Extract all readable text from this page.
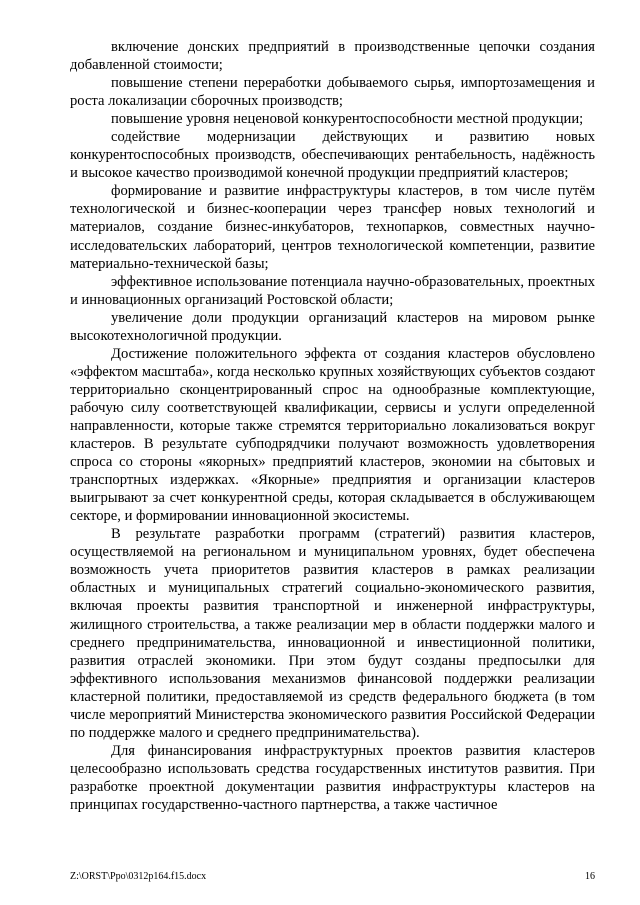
включение донских предприятий в производственные цепочки создания добавленной стоимости;

повышение степени переработки добываемого сырья, импортозамещения и роста локализации сборочных производств;

повышение уровня неценовой конкурентоспособности местной продукции;

содействие модернизации действующих и развитию новых конкурентоспособных производств, обеспечивающих рентабельность, надёжность и высокое качество производимой конечной продукции предприятий кластеров;

формирование и развитие инфраструктуры кластеров, в том числе путём технологической и бизнес-кооперации через трансфер новых технологий и материалов, создание бизнес-инкубаторов, технопарков, совместных научно-исследовательских лабораторий, центров технологической компетенции, развитие материально-технической базы;

эффективное использование потенциала научно-образовательных, проектных и инновационных организаций Ростовской области;

увеличение доли продукции организаций кластеров на мировом рынке высокотехнологичной продукции.

Достижение положительного эффекта от создания кластеров обусловлено «эффектом масштаба», когда несколько крупных хозяйствующих субъектов создают территориально сконцентрированный спрос на однообразные комплектующие, рабочую силу соответствующей квалификации, сервисы и услуги определенной направленности, которые также стремятся территориально локализоваться вокруг кластеров. В результате субподрядчики получают возможность удовлетворения спроса со стороны «якорных» предприятий кластеров, экономии на сбытовых и транспортных издержках. «Якорные» предприятия и организации кластеров выигрывают за счет конкурентной среды, которая складывается в обслуживающем секторе, и формировании инновационной экосистемы.

В результате разработки программ (стратегий) развития кластеров, осуществляемой на региональном и муниципальном уровнях, будет обеспечена возможность учета приоритетов развития кластеров в рамках реализации областных и муниципальных стратегий социально-экономического развития, включая проекты развития транспортной и инженерной инфраструктуры, жилищного строительства, а также реализации мер в области поддержки малого и среднего предпринимательства, инновационной и инвестиционной политики, развития отраслей экономики. При этом будут созданы предпосылки для эффективного использования механизмов финансовой поддержки реализации кластерной политики, предоставляемой из средств федерального бюджета (в том числе мероприятий Министерства экономического развития Российской Федерации по поддержке малого и среднего предпринимательства).

Для финансирования инфраструктурных проектов развития кластеров целесообразно использовать средства государственных институтов развития. При разработке проектной документации развития инфраструктуры кластеров на принципах государственно-частного партнерства, а также частичное

Z:\ORST\Ppo\0312p164.f15.docx	16
